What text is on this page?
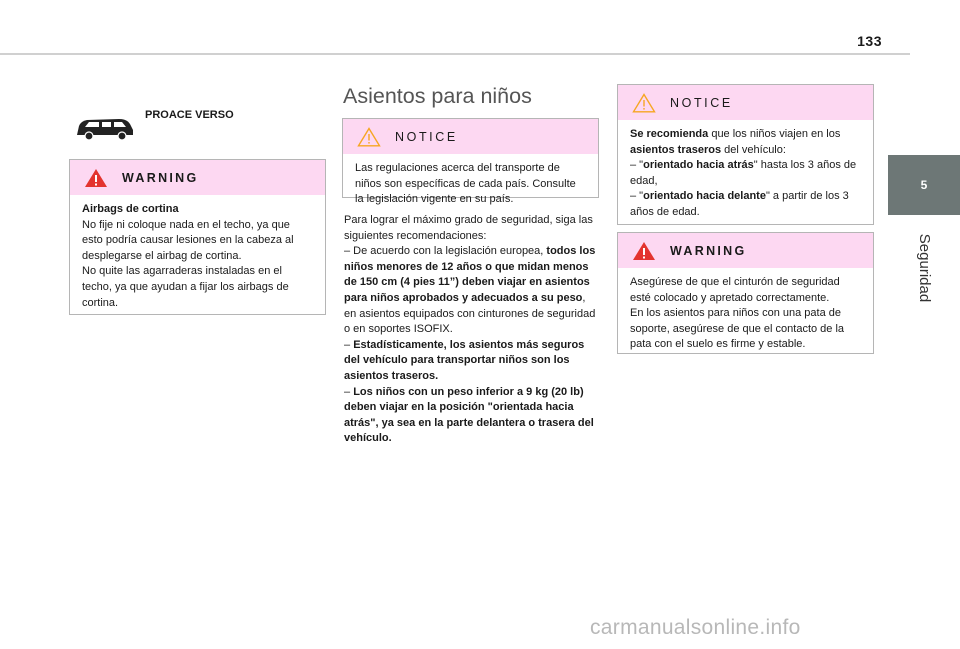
133
5
Seguridad
PROACE VERSO
WARNING
Airbags de cortina
No fije ni coloque nada en el techo, ya que esto podría causar lesiones en la cabeza al desplegarse el airbag de cortina.
No quite las agarraderas instaladas en el techo, ya que ayudan a fijar los airbags de cortina.
Asientos para niños
NOTICE
Las regulaciones acerca del transporte de niños son específicas de cada país. Consulte la legislación vigente en su país.
Para lograr el máximo grado de seguridad, siga las siguientes recomendaciones:
– De acuerdo con la legislación europea, todos los niños menores de 12 años o que midan menos de 150 cm (4 pies 11”) deben viajar en asientos para niños aprobados y adecuados a su peso, en asientos equipados con cinturones de seguridad o en soportes ISOFIX.
– Estadísticamente, los asientos más seguros del vehículo para transportar niños son los asientos traseros.
– Los niños con un peso inferior a 9 kg (20 lb) deben viajar en la posición "orientada hacia atrás", ya sea en la parte delantera o trasera del vehículo.
NOTICE
Se recomienda que los niños viajen en los asientos traseros del vehículo:
– "orientado hacia atrás" hasta los 3 años de edad,
– "orientado hacia delante" a partir de los 3 años de edad.
WARNING
Asegúrese de que el cinturón de seguridad esté colocado y apretado correctamente.
En los asientos para niños con una pata de soporte, asegúrese de que el contacto de la pata con el suelo es firme y estable.
carmanualsonline.info
